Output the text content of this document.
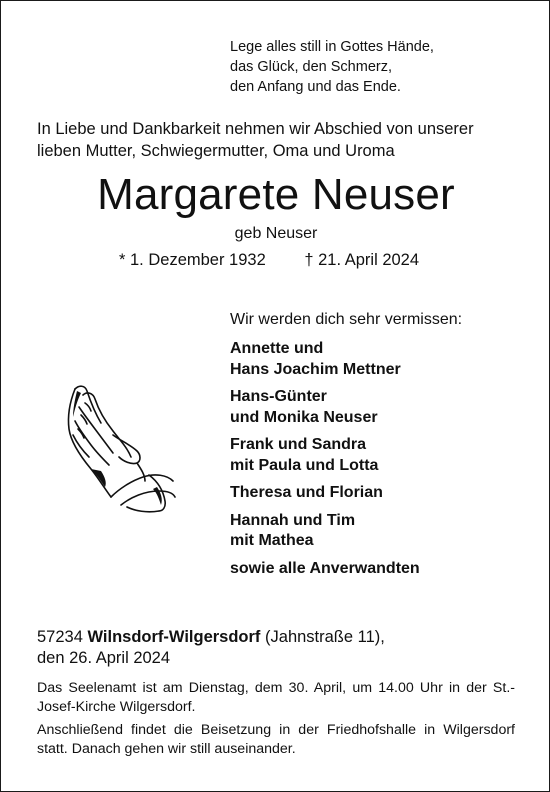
Lege alles still in Gottes Hände,
das Glück, den Schmerz,
den Anfang und das Ende.
In Liebe und Dankbarkeit nehmen wir Abschied von unserer
lieben Mutter, Schwiegermutter, Oma und Uroma
Margarete Neuser
geb Neuser
* 1. Dezember 1932 † 21. April 2024
Wir werden dich sehr vermissen:
Annette und
Hans Joachim Mettner
Hans-Günter
und Monika Neuser
Frank und Sandra
mit Paula und Lotta
Theresa und Florian
Hannah und Tim
mit Mathea
sowie alle Anverwandten
57234 Wilnsdorf-Wilgersdorf (Jahnstraße 11),
den 26. April 2024

Das Seelenamt ist am Dienstag, dem 30. April, um 14.00 Uhr in der St.-Josef-Kirche Wilgersdorf.

Anschließend findet die Beisetzung in der Friedhofshalle in Wilgersdorf statt. Danach gehen wir still auseinander.
